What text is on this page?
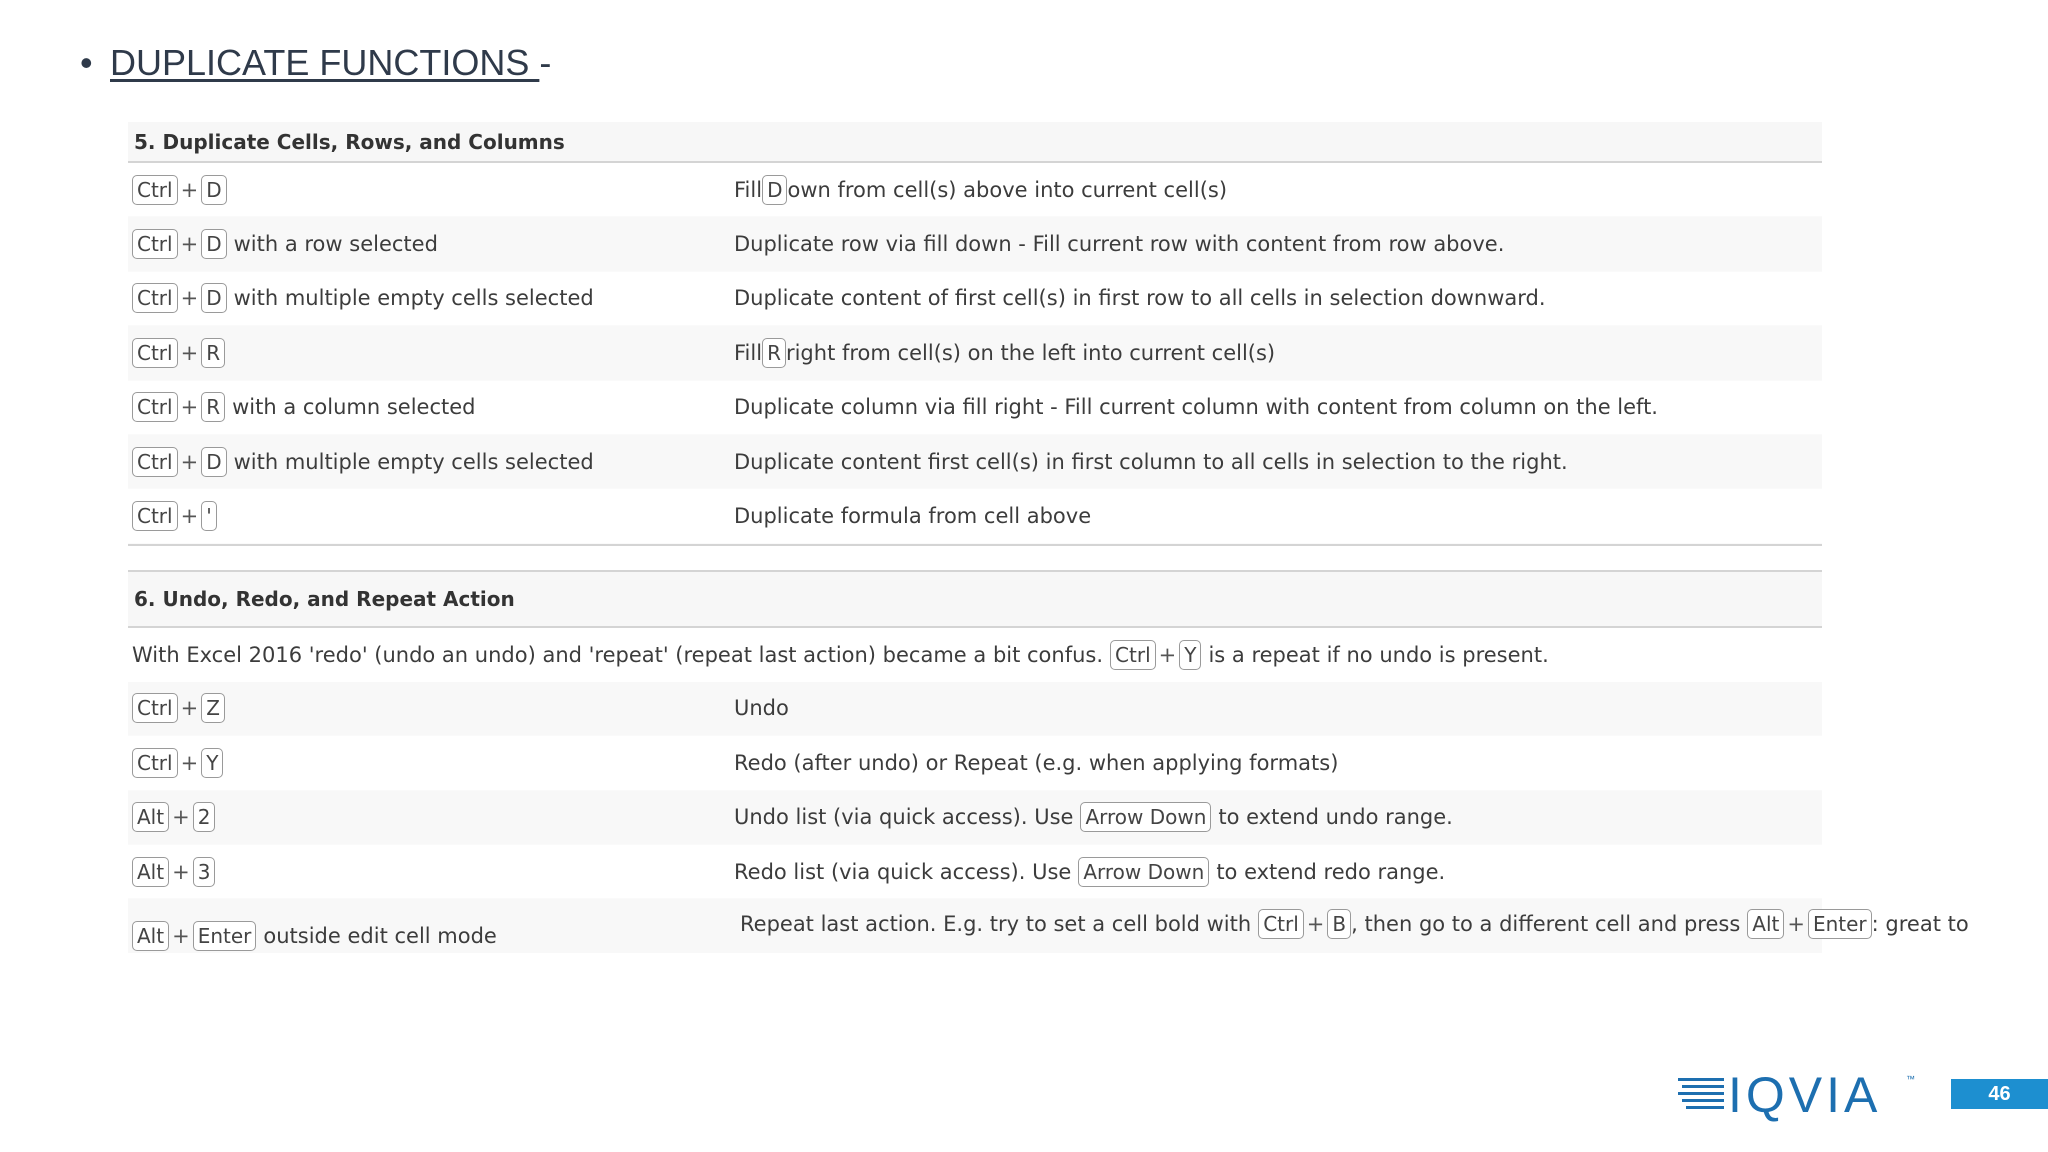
• DUPLICATE FUNCTIONS -
5. Duplicate Cells, Rows, and Columns
Ctrl + D	Fill D own from cell(s) above into current cell(s)
Ctrl + D with a row selected	Duplicate row via fill down - Fill current row with content from row above.
Ctrl + D with multiple empty cells selected	Duplicate content of first cell(s) in first row to all cells in selection downward.
Ctrl + R	Fill R right from cell(s) on the left into current cell(s)
Ctrl + R with a column selected	Duplicate column via fill right - Fill current column with content from column on the left.
Ctrl + D with multiple empty cells selected	Duplicate content first cell(s) in first column to all cells in selection to the right.
Ctrl + '	Duplicate formula from cell above
6. Undo, Redo, and Repeat Action
With Excel 2016 'redo' (undo an undo) and 'repeat' (repeat last action) became a bit confus. Ctrl + Y is a repeat if no undo is present.
Ctrl + Z	Undo
Ctrl + Y	Redo (after undo) or Repeat (e.g. when applying formats)
Alt + 2	Undo list (via quick access). Use Arrow Down to extend undo range.
Alt + 3	Redo list (via quick access). Use Arrow Down to extend redo range.
Alt + Enter outside edit cell mode	Repeat last action. E.g. try to set a cell bold with Ctrl + B , then go to a different cell and press Alt + Enter : great to
IQVIA	™
46
